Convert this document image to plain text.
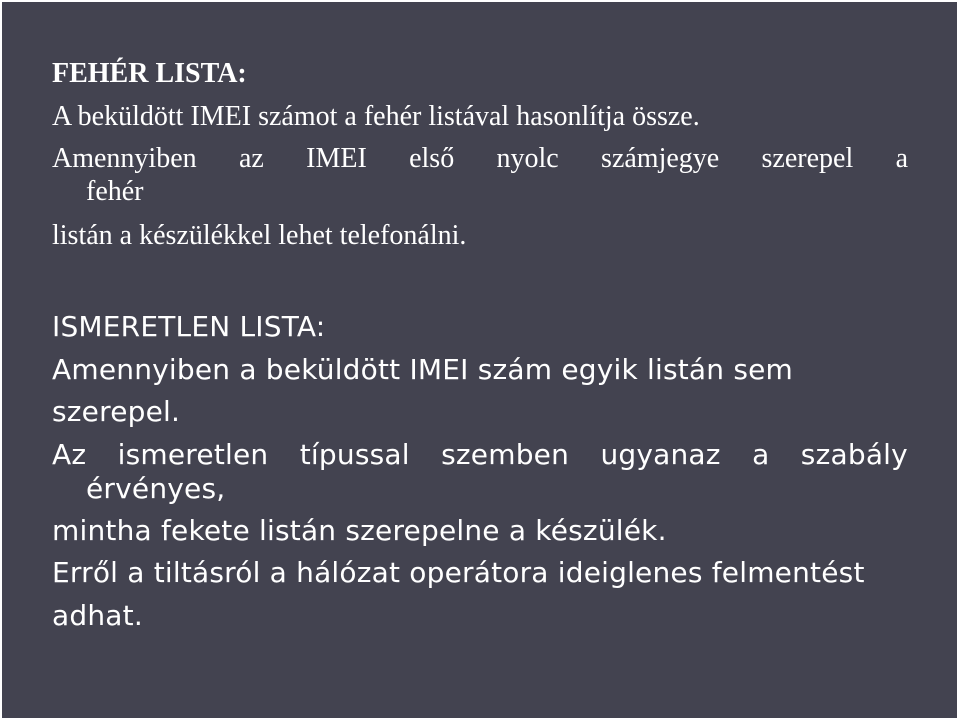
FEHÉR LISTA:
A beküldött IMEI számot a fehér listával hasonlítja össze.
Amennyiben az IMEI első nyolc számjegye szerepel a
fehér
listán a készülékkel lehet telefonálni.
ISMERETLEN LISTA:
Amennyiben a beküldött IMEI szám egyik listán sem
szerepel.
Az ismeretlen típussal szemben ugyanaz a szabály
érvényes,
mintha fekete listán szerepelne a készülék.
Erről a tiltásról a hálózat operátora ideiglenes felmentést
adhat.
